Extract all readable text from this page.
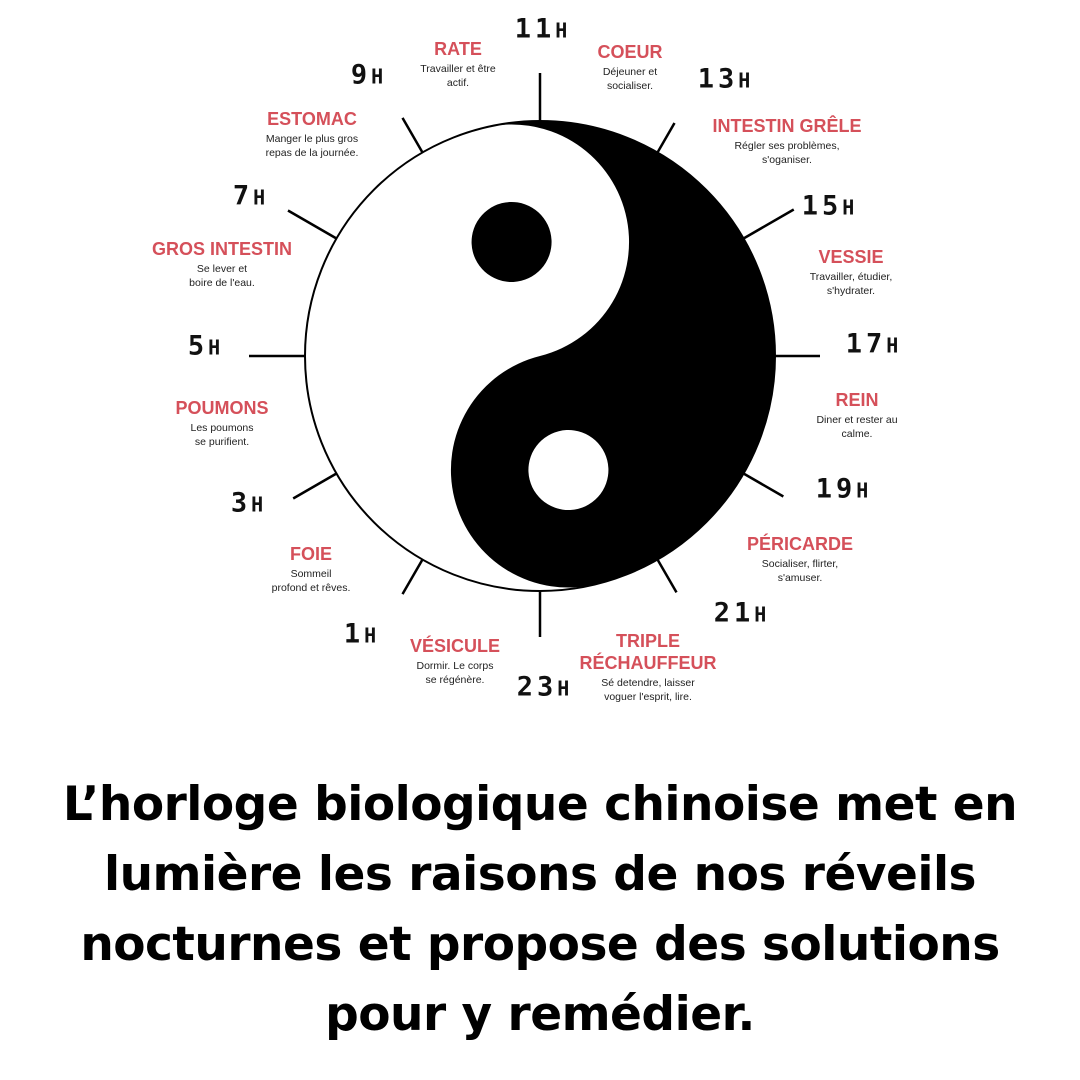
11H
13H
15H
17H
19H
21H
23H
1H
3H
5H
7H
9H
RATE
Travailler et être
actif.
COEUR
Déjeuner et
socialiser.
INTESTIN GRÊLE
Régler ses problèmes,
s'oganiser.
VESSIE
Travailler, étudier,
s'hydrater.
REIN
Diner et rester au
calme.
PÉRICARDE
Socialiser, flirter,
s'amuser.
TRIPLE
RÉCHAUFFEUR
Sé detendre, laisser
voguer l'esprit, lire.
VÉSICULE
Dormir. Le corps
se régénère.
FOIE
Sommeil
profond et rêves.
POUMONS
Les poumons
se purifient.
GROS INTESTIN
Se lever et
boire de l'eau.
ESTOMAC
Manger le plus gros
repas de la journée.
L’horloge biologique chinoise met en lumière les raisons de nos réveils nocturnes et propose des solutions pour y remédier.
